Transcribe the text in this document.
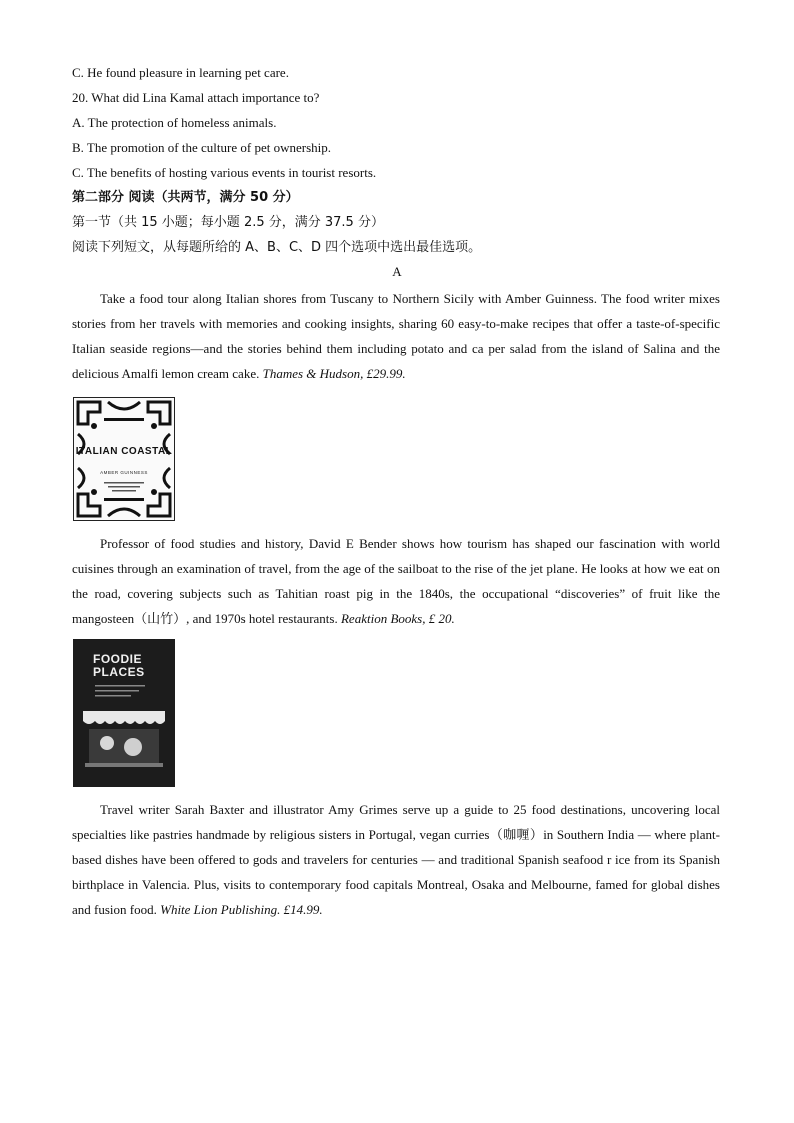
C. He found pleasure in learning pet care.
20. What did Lina Kamal attach importance to?
A. The protection of homeless animals.
B. The promotion of the culture of pet ownership.
C. The benefits of hosting various events in tourist resorts.
第二部分 阅读（共两节，满分 50 分）
第一节（共 15 小题；每小题 2.5 分，满分 37.5 分）
阅读下列短文，从每题所给的 A、B、C、D 四个选项中选出最佳选项。
A

Take a food tour along Italian shores from Tuscany to Northern Sicily with Amber Guinness. The food writer mixes stories from her travels with memories and cooking insights, sharing 60 easy-to-make recipes that offer a taste-of-specific Italian seaside regions—and the stories behind them including potato and ca per salad from the island of Salina and the delicious Amalfi lemon cream cake. Thames & Hudson, £29.99.

ITALIAN COASTAL
AMBER GUINNESS

Professor of food studies and history, David E Bender shows how tourism has shaped our fascination with world cuisines through an examination of travel, from the age of the sailboat to the rise of the jet plane. He looks at how we eat on the road, covering subjects such as Tahitian roast pig in the 1840s, the occupational “discoveries” of fruit like the mangosteen（山竹）, and 1970s hotel restaurants. Reaktion Books, £ 20.

FOODIE PLACES

Travel writer Sarah Baxter and illustrator Amy Grimes serve up a guide to 25 food destinations, uncovering local specialties like pastries handmade by religious sisters in Portugal, vegan curries（咖喱）in Southern India — where plant-based dishes have been offered to gods and travelers for centuries — and traditional Spanish seafood r ice from its Spanish birthplace in Valencia. Plus, visits to contemporary food capitals Montreal, Osaka and Melbourne, famed for global dishes and fusion food. White Lion Publishing. £14.99.
